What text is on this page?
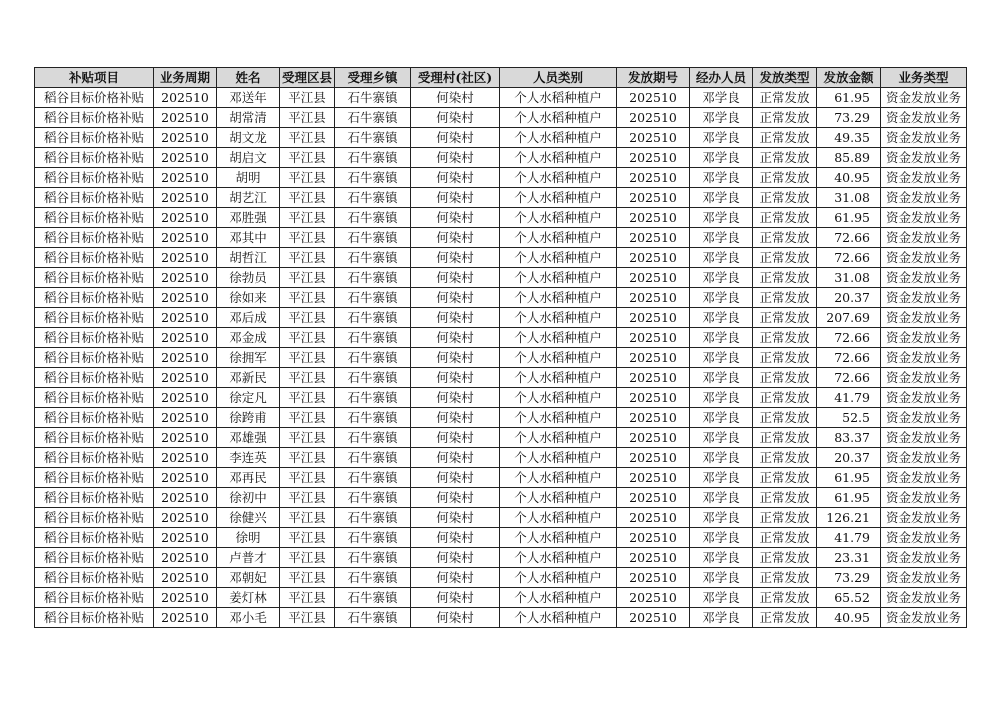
补贴项目	业务周期	姓名	受理区县	受理乡镇	受理村(社区)	人员类别	发放期号	经办人员	发放类型	发放金额	业务类型
稻谷目标价格补贴	202510	邓送年	平江县	石牛寨镇	何染村	个人水稻种植户	202510	邓学良	正常发放	61.95	资金发放业务
稻谷目标价格补贴	202510	胡常清	平江县	石牛寨镇	何染村	个人水稻种植户	202510	邓学良	正常发放	73.29	资金发放业务
稻谷目标价格补贴	202510	胡文龙	平江县	石牛寨镇	何染村	个人水稻种植户	202510	邓学良	正常发放	49.35	资金发放业务
稻谷目标价格补贴	202510	胡启文	平江县	石牛寨镇	何染村	个人水稻种植户	202510	邓学良	正常发放	85.89	资金发放业务
稻谷目标价格补贴	202510	胡明	平江县	石牛寨镇	何染村	个人水稻种植户	202510	邓学良	正常发放	40.95	资金发放业务
稻谷目标价格补贴	202510	胡艺江	平江县	石牛寨镇	何染村	个人水稻种植户	202510	邓学良	正常发放	31.08	资金发放业务
稻谷目标价格补贴	202510	邓胜强	平江县	石牛寨镇	何染村	个人水稻种植户	202510	邓学良	正常发放	61.95	资金发放业务
稻谷目标价格补贴	202510	邓其中	平江县	石牛寨镇	何染村	个人水稻种植户	202510	邓学良	正常发放	72.66	资金发放业务
稻谷目标价格补贴	202510	胡哲江	平江县	石牛寨镇	何染村	个人水稻种植户	202510	邓学良	正常发放	72.66	资金发放业务
稻谷目标价格补贴	202510	徐勃员	平江县	石牛寨镇	何染村	个人水稻种植户	202510	邓学良	正常发放	31.08	资金发放业务
稻谷目标价格补贴	202510	徐如来	平江县	石牛寨镇	何染村	个人水稻种植户	202510	邓学良	正常发放	20.37	资金发放业务
稻谷目标价格补贴	202510	邓后成	平江县	石牛寨镇	何染村	个人水稻种植户	202510	邓学良	正常发放	207.69	资金发放业务
稻谷目标价格补贴	202510	邓金成	平江县	石牛寨镇	何染村	个人水稻种植户	202510	邓学良	正常发放	72.66	资金发放业务
稻谷目标价格补贴	202510	徐拥军	平江县	石牛寨镇	何染村	个人水稻种植户	202510	邓学良	正常发放	72.66	资金发放业务
稻谷目标价格补贴	202510	邓新民	平江县	石牛寨镇	何染村	个人水稻种植户	202510	邓学良	正常发放	72.66	资金发放业务
稻谷目标价格补贴	202510	徐定凡	平江县	石牛寨镇	何染村	个人水稻种植户	202510	邓学良	正常发放	41.79	资金发放业务
稻谷目标价格补贴	202510	徐跨甫	平江县	石牛寨镇	何染村	个人水稻种植户	202510	邓学良	正常发放	52.5	资金发放业务
稻谷目标价格补贴	202510	邓雄强	平江县	石牛寨镇	何染村	个人水稻种植户	202510	邓学良	正常发放	83.37	资金发放业务
稻谷目标价格补贴	202510	李连英	平江县	石牛寨镇	何染村	个人水稻种植户	202510	邓学良	正常发放	20.37	资金发放业务
稻谷目标价格补贴	202510	邓再民	平江县	石牛寨镇	何染村	个人水稻种植户	202510	邓学良	正常发放	61.95	资金发放业务
稻谷目标价格补贴	202510	徐初中	平江县	石牛寨镇	何染村	个人水稻种植户	202510	邓学良	正常发放	61.95	资金发放业务
稻谷目标价格补贴	202510	徐健兴	平江县	石牛寨镇	何染村	个人水稻种植户	202510	邓学良	正常发放	126.21	资金发放业务
稻谷目标价格补贴	202510	徐明	平江县	石牛寨镇	何染村	个人水稻种植户	202510	邓学良	正常发放	41.79	资金发放业务
稻谷目标价格补贴	202510	卢普才	平江县	石牛寨镇	何染村	个人水稻种植户	202510	邓学良	正常发放	23.31	资金发放业务
稻谷目标价格补贴	202510	邓朝妃	平江县	石牛寨镇	何染村	个人水稻种植户	202510	邓学良	正常发放	73.29	资金发放业务
稻谷目标价格补贴	202510	姜灯林	平江县	石牛寨镇	何染村	个人水稻种植户	202510	邓学良	正常发放	65.52	资金发放业务
稻谷目标价格补贴	202510	邓小毛	平江县	石牛寨镇	何染村	个人水稻种植户	202510	邓学良	正常发放	40.95	资金发放业务
